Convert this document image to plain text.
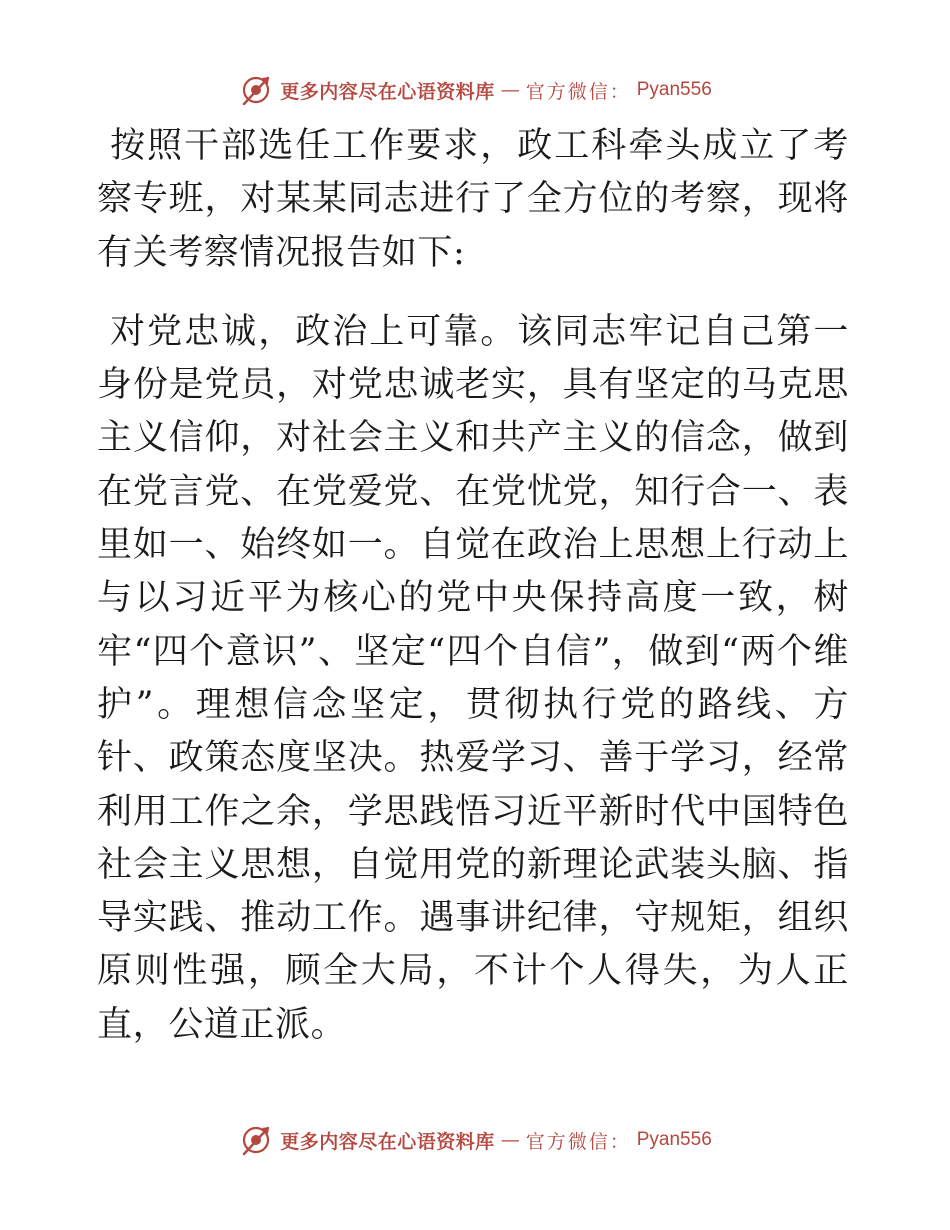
更多内容尽在心语资料库 — 官方微信： Pyan556

按照干部选任工作要求，政工科牵头成立了考察专班，对某某同志进行了全方位的考察，现将有关考察情况报告如下:

对党忠诚，政治上可靠。该同志牢记自己第一身份是党员，对党忠诚老实，具有坚定的马克思主义信仰，对社会主义和共产主义的信念，做到在党言党、在党爱党、在党忧党，知行合一、表里如一、始终如一。自觉在政治上思想上行动上与以习近平为核心的党中央保持高度一致，树牢“四个意识”、坚定“四个自信”，做到“两个维护”。理想信念坚定，贯彻执行党的路线、方针、政策态度坚决。热爱学习、善于学习，经常利用工作之余，学思践悟习近平新时代中国特色社会主义思想，自觉用党的新理论武装头脑、指导实践、推动工作。遇事讲纪律，守规矩，组织原则性强，顾全大局，不计个人得失，为人正直，公道正派。

更多内容尽在心语资料库 — 官方微信： Pyan556
